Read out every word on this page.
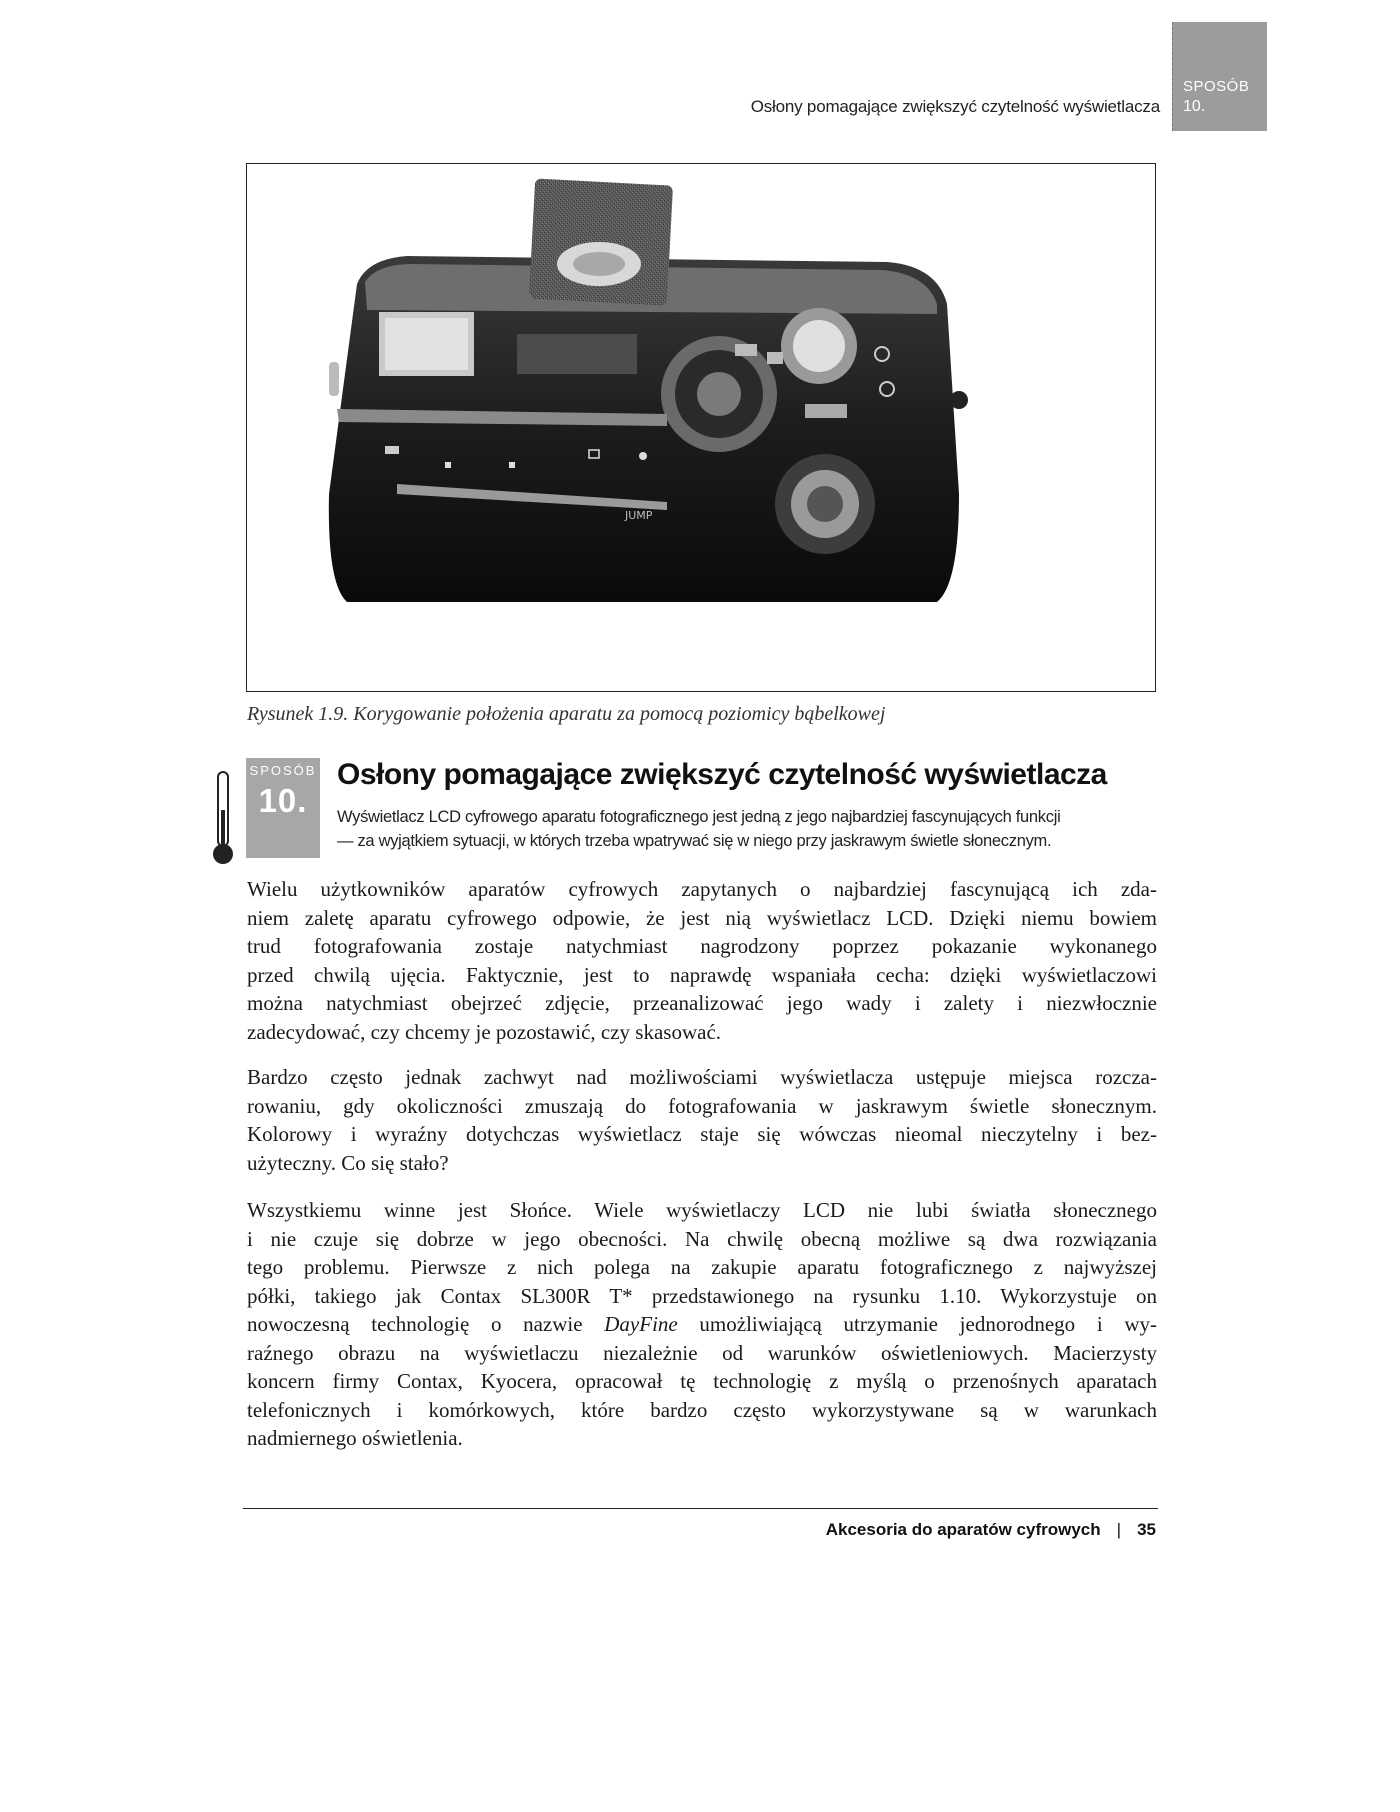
Osłony pomagające zwiększyć czytelność wyświetlacza
SPOSÓB
10.
JUMP
Rysunek 1.9. Korygowanie położenia aparatu za pomocą poziomicy bąbelkowej
SPOSÓB
10.
Osłony pomagające zwiększyć czytelność wyświetlacza
Wyświetlacz LCD cyfrowego aparatu fotograficznego jest jedną z jego najbardziej fascynujących funkcji
— za wyjątkiem sytuacji, w których trzeba wpatrywać się w niego przy jaskrawym świetle słonecznym.
Wielu użytkowników aparatów cyfrowych zapytanych o najbardziej fascynującą ich zda-
niem zaletę aparatu cyfrowego odpowie, że jest nią wyświetlacz LCD. Dzięki niemu bowiem
trud fotografowania zostaje natychmiast nagrodzony poprzez pokazanie wykonanego
przed chwilą ujęcia. Faktycznie, jest to naprawdę wspaniała cecha: dzięki wyświetlaczowi
można natychmiast obejrzeć zdjęcie, przeanalizować jego wady i zalety i niezwłocznie
zadecydować, czy chcemy je pozostawić, czy skasować.
Bardzo często jednak zachwyt nad możliwościami wyświetlacza ustępuje miejsca rozcza-
rowaniu, gdy okoliczności zmuszają do fotografowania w jaskrawym świetle słonecznym.
Kolorowy i wyraźny dotychczas wyświetlacz staje się wówczas nieomal nieczytelny i bez-
użyteczny. Co się stało?
Wszystkiemu winne jest Słońce. Wiele wyświetlaczy LCD nie lubi światła słonecznego
i nie czuje się dobrze w jego obecności. Na chwilę obecną możliwe są dwa rozwiązania
tego problemu. Pierwsze z nich polega na zakupie aparatu fotograficznego z najwyższej
półki, takiego jak Contax SL300R T* przedstawionego na rysunku 1.10. Wykorzystuje on
nowoczesną technologię o nazwie DayFine umożliwiającą utrzymanie jednorodnego i wy-
raźnego obrazu na wyświetlaczu niezależnie od warunków oświetleniowych. Macierzysty
koncern firmy Contax, Kyocera, opracował tę technologię z myślą o przenośnych aparatach
telefonicznych i komórkowych, które bardzo często wykorzystywane są w warunkach
nadmiernego oświetlenia.
Akcesoria do aparatów cyfrowych | 35
